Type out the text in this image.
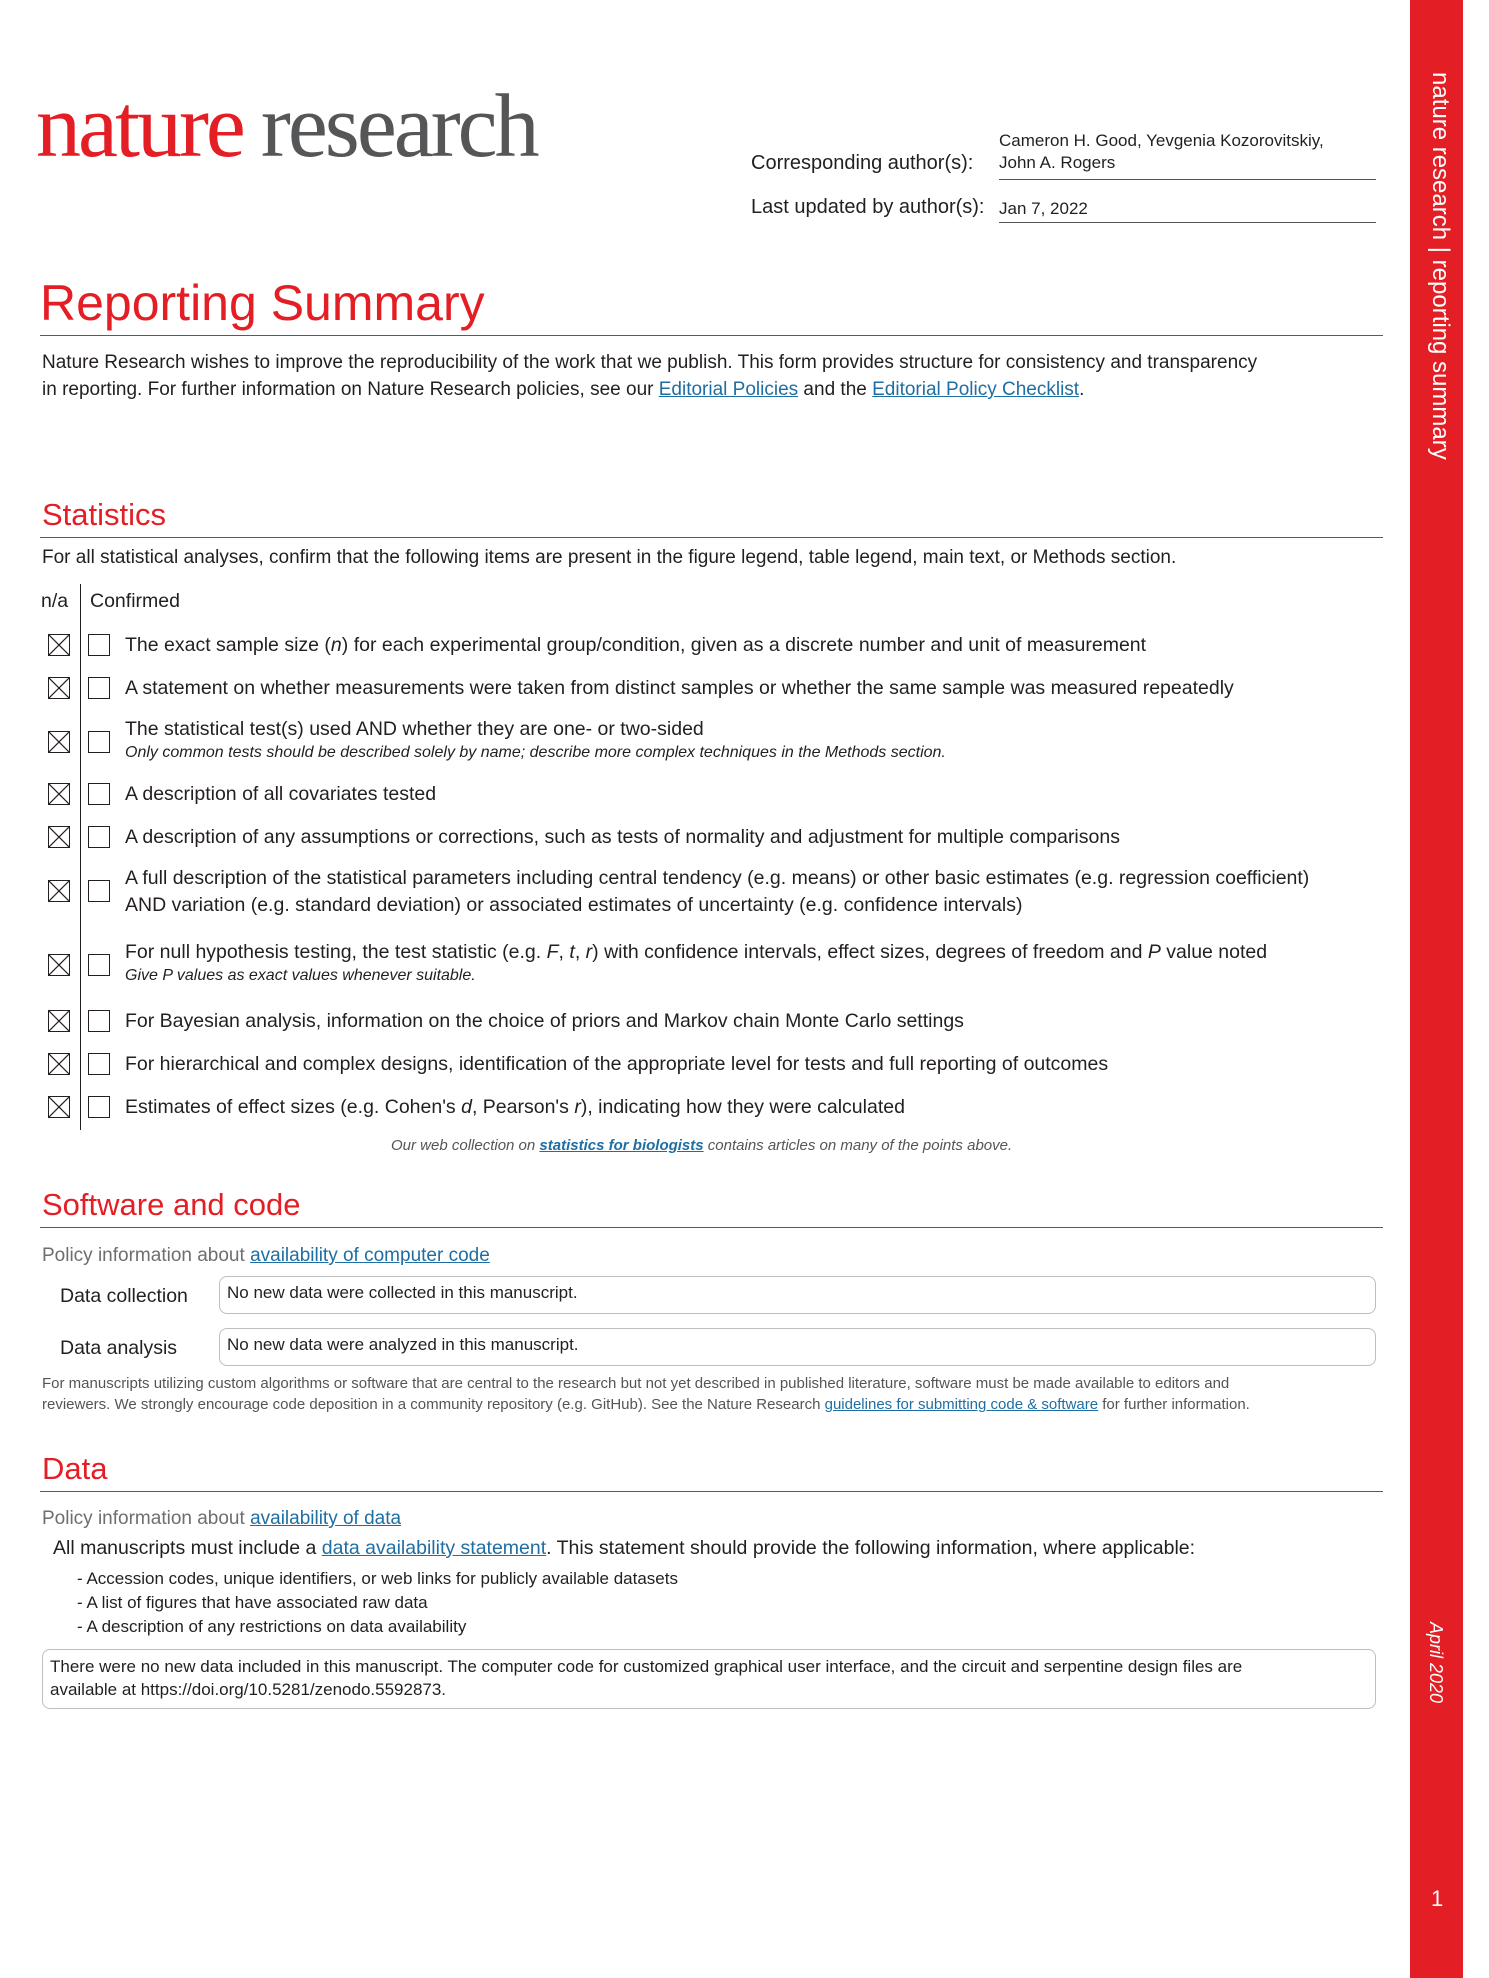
nature research	Corresponding author(s):
Cameron H. Good, Yevgenia Kozorovitskiy,
John A. Rogers
Last updated by author(s): Jan 7, 2022	nature research | reporting summary
April 2020
1
Reporting Summary
Nature Research wishes to improve the reproducibility of the work that we publish. This form provides structure for consistency and transparency
in reporting. For further information on Nature Research policies, see our Editorial Policies and the Editorial Policy Checklist.
Statistics
For all statistical analyses, confirm that the following items are present in the figure legend, table legend, main text, or Methods section.
n/a Confirmed
The exact sample size (n) for each experimental group/condition, given as a discrete number and unit of measurement
A statement on whether measurements were taken from distinct samples or whether the same sample was measured repeatedly
The statistical test(s) used AND whether they are one- or two-sided
Only common tests should be described solely by name; describe more complex techniques in the Methods section.
A description of all covariates tested
A description of any assumptions or corrections, such as tests of normality and adjustment for multiple comparisons
A full description of the statistical parameters including central tendency (e.g. means) or other basic estimates (e.g. regression coefficient)
AND variation (e.g. standard deviation) or associated estimates of uncertainty (e.g. confidence intervals)
For null hypothesis testing, the test statistic (e.g. F, t, r) with confidence intervals, effect sizes, degrees of freedom and P value noted
Give P values as exact values whenever suitable.
For Bayesian analysis, information on the choice of priors and Markov chain Monte Carlo settings
For hierarchical and complex designs, identification of the appropriate level for tests and full reporting of outcomes
Estimates of effect sizes (e.g. Cohen's d, Pearson's r), indicating how they were calculated
Our web collection on statistics for biologists contains articles on many of the points above.
Software and code
Policy information about availability of computer code
Data collection	No new data were collected in this manuscript.
Data analysis	No new data were analyzed in this manuscript.
For manuscripts utilizing custom algorithms or software that are central to the research but not yet described in published literature, software must be made available to editors and
reviewers. We strongly encourage code deposition in a community repository (e.g. GitHub). See the Nature Research guidelines for submitting code & software for further information.
Data
Policy information about availability of data
All manuscripts must include a data availability statement. This statement should provide the following information, where applicable:
- Accession codes, unique identifiers, or web links for publicly available datasets
- A list of figures that have associated raw data
- A description of any restrictions on data availability
There were no new data included in this manuscript. The computer code for customized graphical user interface, and the circuit and serpentine design files are
available at https://doi.org/10.5281/zenodo.5592873.
